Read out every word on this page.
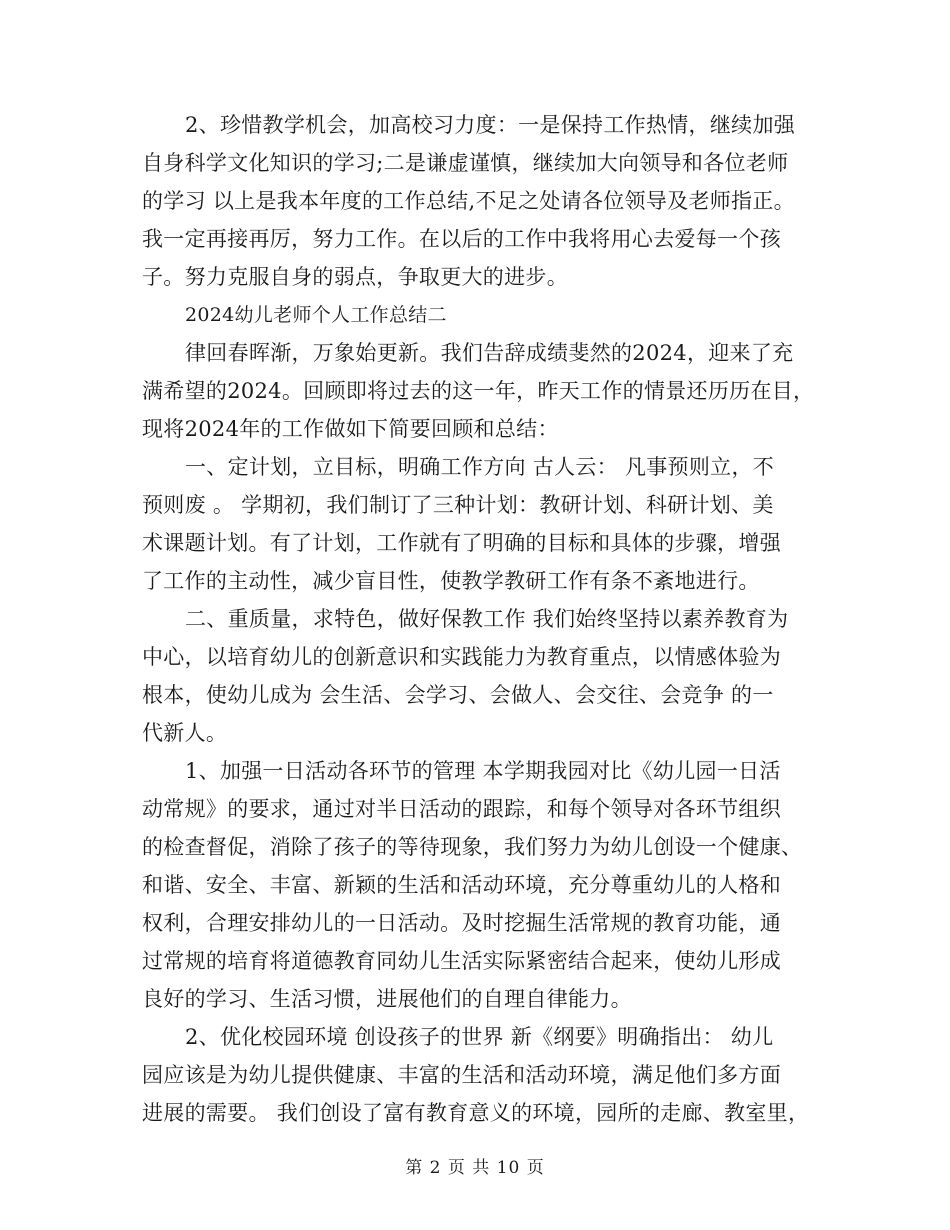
2、珍惜教学机会，加高校习力度：一是保持工作热情，继续加强
自身科学文化知识的学习;二是谦虚谨慎，继续加大向领导和各位老师
的学习 以上是我本年度的工作总结,不足之处请各位领导及老师指正。
我一定再接再厉，努力工作。在以后的工作中我将用心去爱每一个孩
子。努力克服自身的弱点，争取更大的进步。
2024幼儿老师个人工作总结二
律回春晖渐，万象始更新。我们告辞成绩斐然的2024，迎来了充
满希望的2024。回顾即将过去的这一年，昨天工作的情景还历历在目，
现将2024年的工作做如下简要回顾和总结：
一、定计划，立目标，明确工作方向 古人云： 凡事预则立，不
预则废 。 学期初，我们制订了三种计划：教研计划、科研计划、美
术课题计划。有了计划，工作就有了明确的目标和具体的步骤，增强
了工作的主动性，减少盲目性，使教学教研工作有条不紊地进行。
二、重质量，求特色，做好保教工作 我们始终坚持以素养教育为
中心，以培育幼儿的创新意识和实践能力为教育重点，以情感体验为
根本，使幼儿成为 会生活、会学习、会做人、会交往、会竞争 的一
代新人。
1、加强一日活动各环节的管理 本学期我园对比《幼儿园一日活
动常规》的要求，通过对半日活动的跟踪，和每个领导对各环节组织
的检查督促，消除了孩子的等待现象，我们努力为幼儿创设一个健康、
和谐、安全、丰富、新颖的生活和活动环境，充分尊重幼儿的人格和
权利，合理安排幼儿的一日活动。及时挖掘生活常规的教育功能，通
过常规的培育将道德教育同幼儿生活实际紧密结合起来，使幼儿形成
良好的学习、生活习惯，进展他们的自理自律能力。
2、优化校园环境 创设孩子的世界 新《纲要》明确指出： 幼儿
园应该是为幼儿提供健康、丰富的生活和活动环境，满足他们多方面
进展的需要。 我们创设了富有教育意义的环境，园所的走廊、教室里，
第 2 页 共 10 页
